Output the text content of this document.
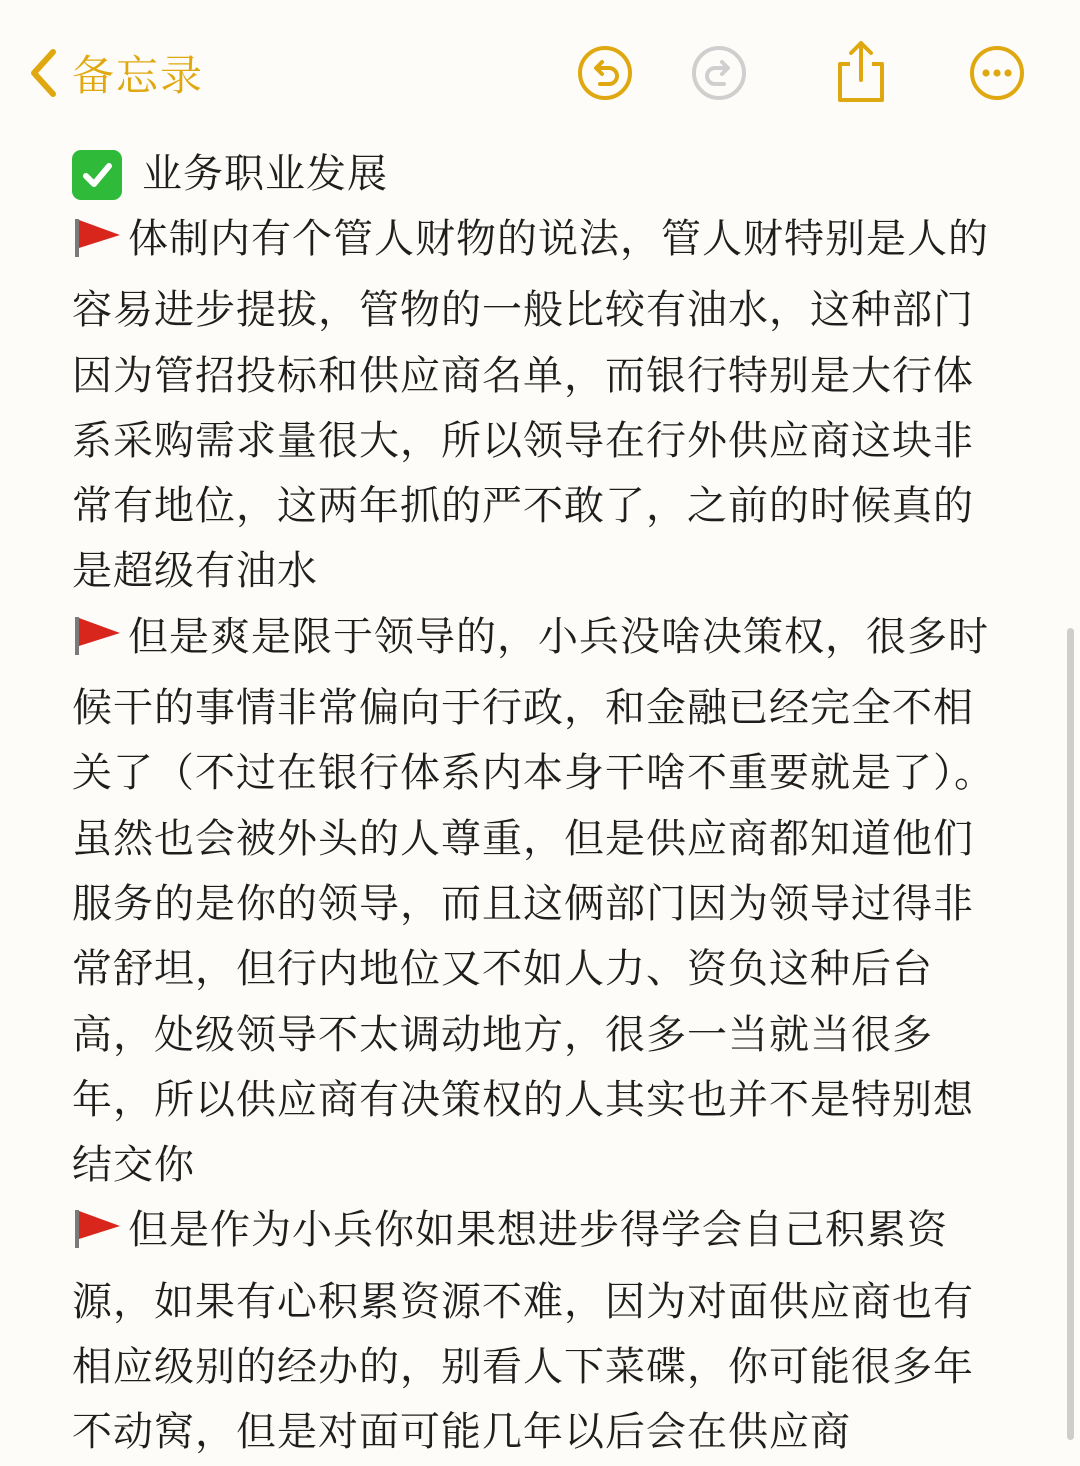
备忘录
业务职业发展

体制内有个管人财物的说法，管人财特别是人的容易进步提拔，管物的一般比较有油水，这种部门因为管招投标和供应商名单，而银行特别是大行体系采购需求量很大，所以领导在行外供应商这块非常有地位，这两年抓的严不敢了，之前的时候真的是超级有油水

但是爽是限于领导的，小兵没啥决策权，很多时候干的事情非常偏向于行政，和金融已经完全不相关了（不过在银行体系内本身干啥不重要就是了）。虽然也会被外头的人尊重，但是供应商都知道他们服务的是你的领导，而且这俩部门因为领导过得非常舒坦，但行内地位又不如人力、资负这种后台高，处级领导不太调动地方，很多一当就当很多年，所以供应商有决策权的人其实也并不是特别想结交你

但是作为小兵你如果想进步得学会自己积累资源，如果有心积累资源不难，因为对面供应商也有相应级别的经办的，别看人下菜碟，你可能很多年不动窝，但是对面可能几年以后会在供应商
